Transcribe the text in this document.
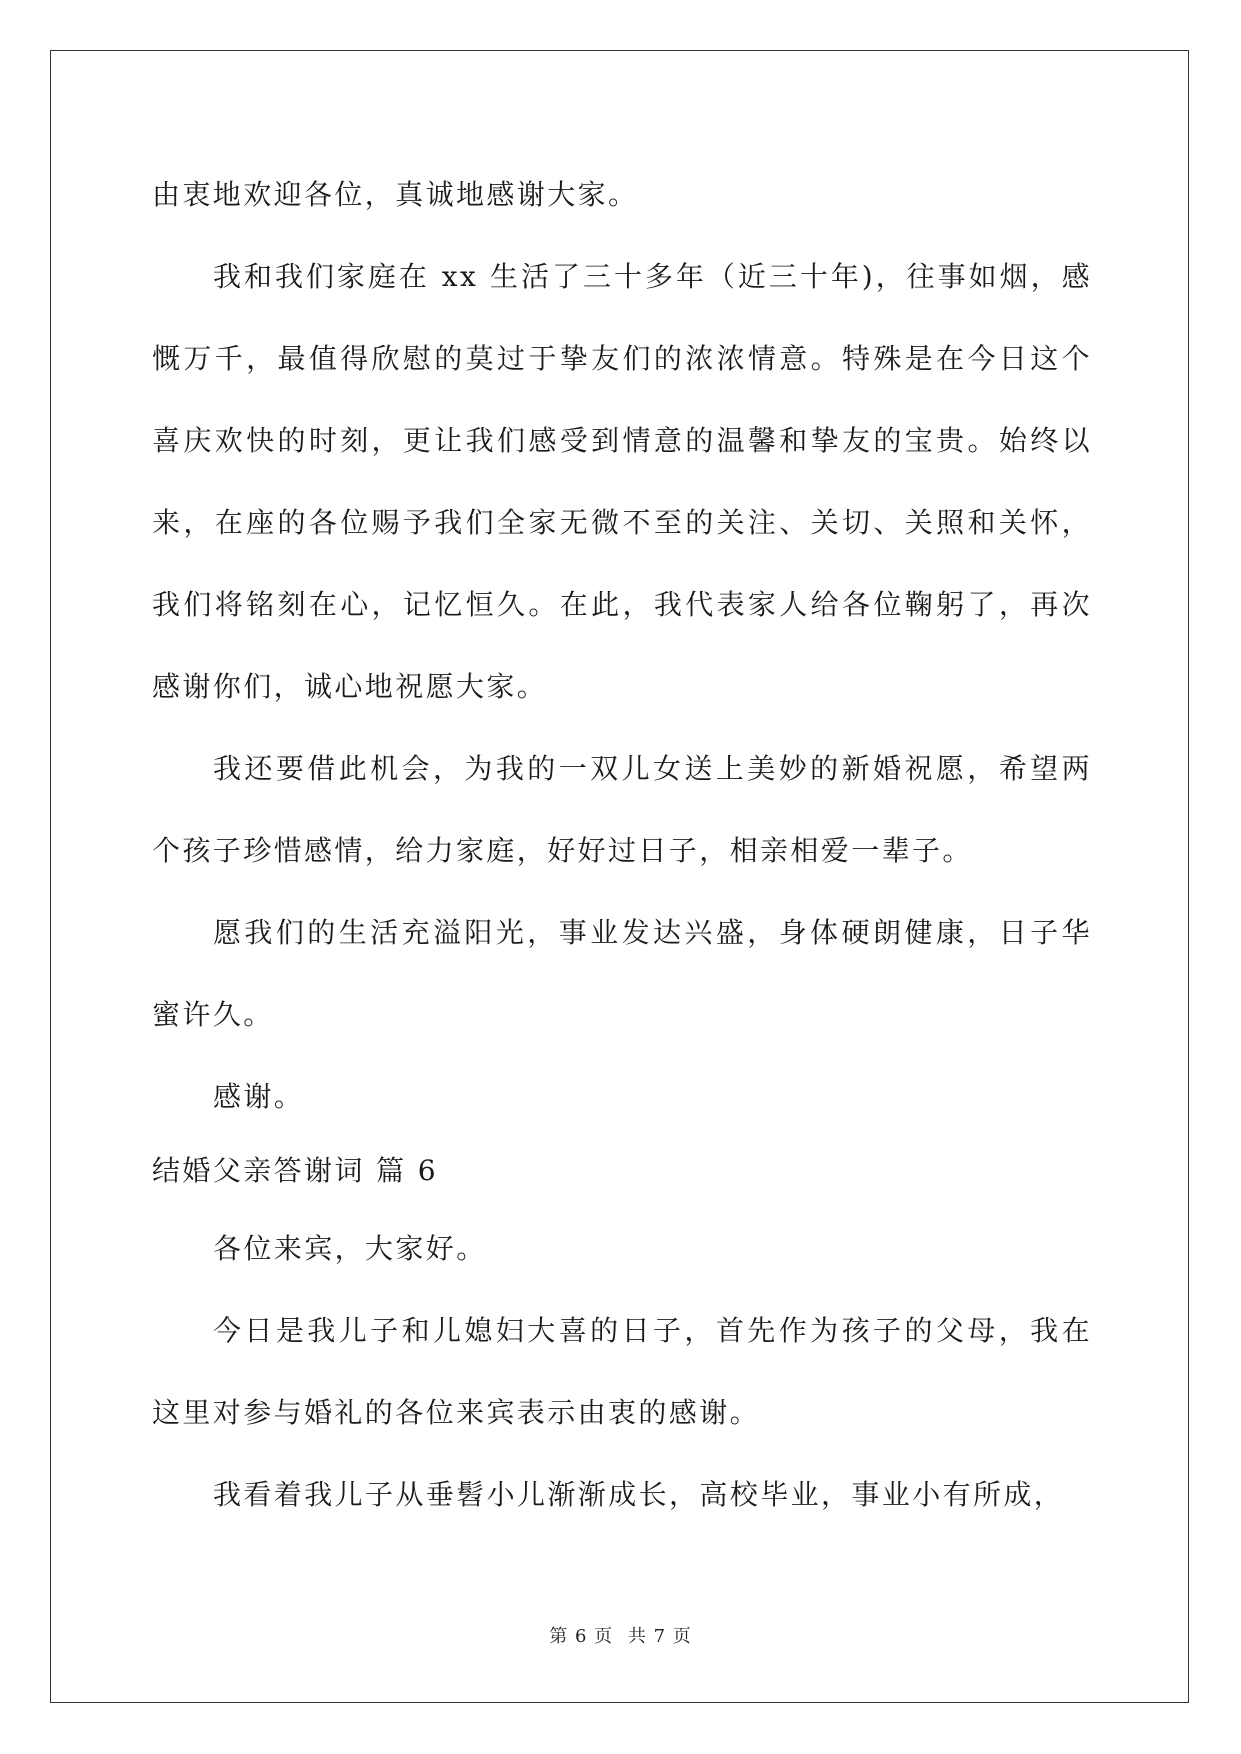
由衷地欢迎各位，真诚地感谢大家。

我和我们家庭在 xx 生活了三十多年（近三十年)，往事如烟，感慨万千，最值得欣慰的莫过于挚友们的浓浓情意。特殊是在今日这个喜庆欢快的时刻，更让我们感受到情意的温馨和挚友的宝贵。始终以来，在座的各位赐予我们全家无微不至的关注、关切、关照和关怀，我们将铭刻在心，记忆恒久。在此，我代表家人给各位鞠躬了，再次感谢你们，诚心地祝愿大家。

我还要借此机会，为我的一双儿女送上美妙的新婚祝愿，希望两个孩子珍惜感情，给力家庭，好好过日子，相亲相爱一辈子。

愿我们的生活充溢阳光，事业发达兴盛，身体硬朗健康，日子华蜜许久。

感谢。

结婚父亲答谢词 篇 6

各位来宾，大家好。

今日是我儿子和儿媳妇大喜的日子，首先作为孩子的父母，我在这里对参与婚礼的各位来宾表示由衷的感谢。

我看着我儿子从垂髫小儿渐渐成长，高校毕业，事业小有所成，

第 6 页 共 7 页
